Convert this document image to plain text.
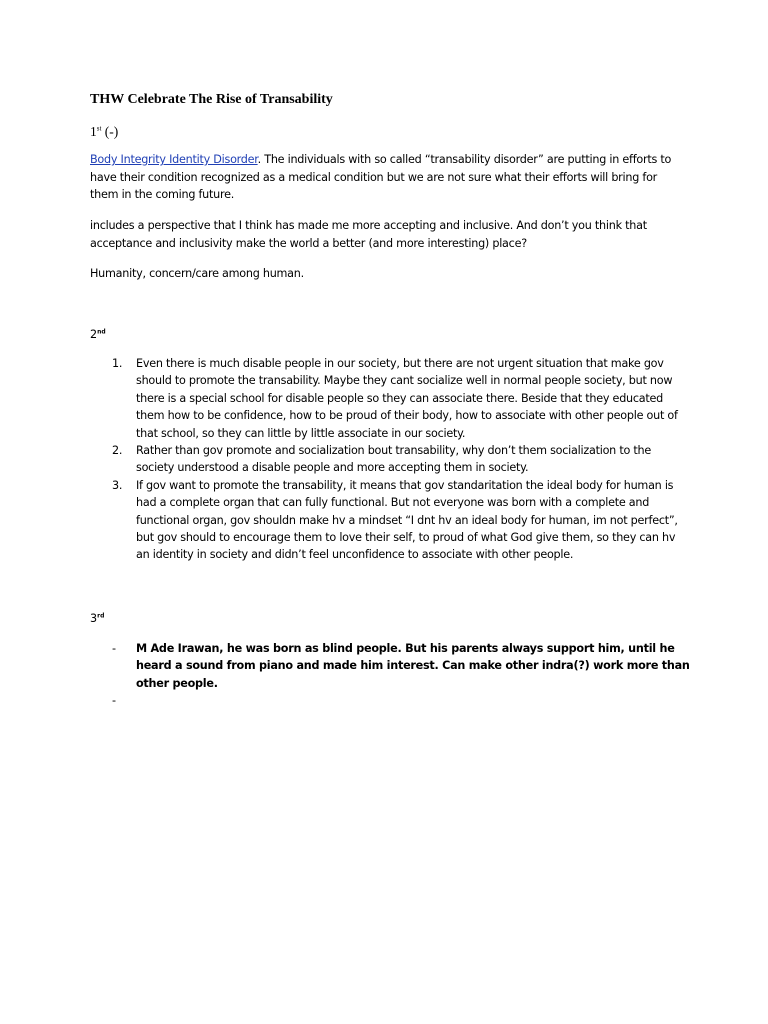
THW Celebrate The Rise of Transability
1st (-)
Body Integrity Identity Disorder. The individuals with so called “transability disorder” are putting in efforts to have their condition recognized as a medical condition but we are not sure what their efforts will bring for them in the coming future.
includes a perspective that I think has made me more accepting and inclusive. And don’t you think that acceptance and inclusivity make the world a better (and more interesting) place?
Humanity, concern/care among human.
2nd
1. Even there is much disable people in our society, but there are not urgent situation that make gov should to promote the transability. Maybe they cant socialize well in normal people society, but now there is a special school for disable people so they can associate there. Beside that they educated them how to be confidence, how to be proud of their body, how to associate with other people out of that school, so they can little by little associate in our society.
2. Rather than gov promote and socialization bout transability, why don’t them socialization to the society understood a disable people and more accepting them in society.
3. If gov want to promote the transability, it means that gov standaritation the ideal body for human is had a complete organ that can fully functional. But not everyone was born with a complete and functional organ, gov shouldn make hv a mindset “I dnt hv an ideal body for human, im not perfect”, but gov should to encourage them to love their self, to proud of what God give them, so they can hv an identity in society and didn’t feel unconfidence to associate with other people.
3rd
- M Ade Irawan, he was born as blind people. But his parents always support him, until he heard a sound from piano and made him interest. Can make other indra(?) work more than other people.
-
